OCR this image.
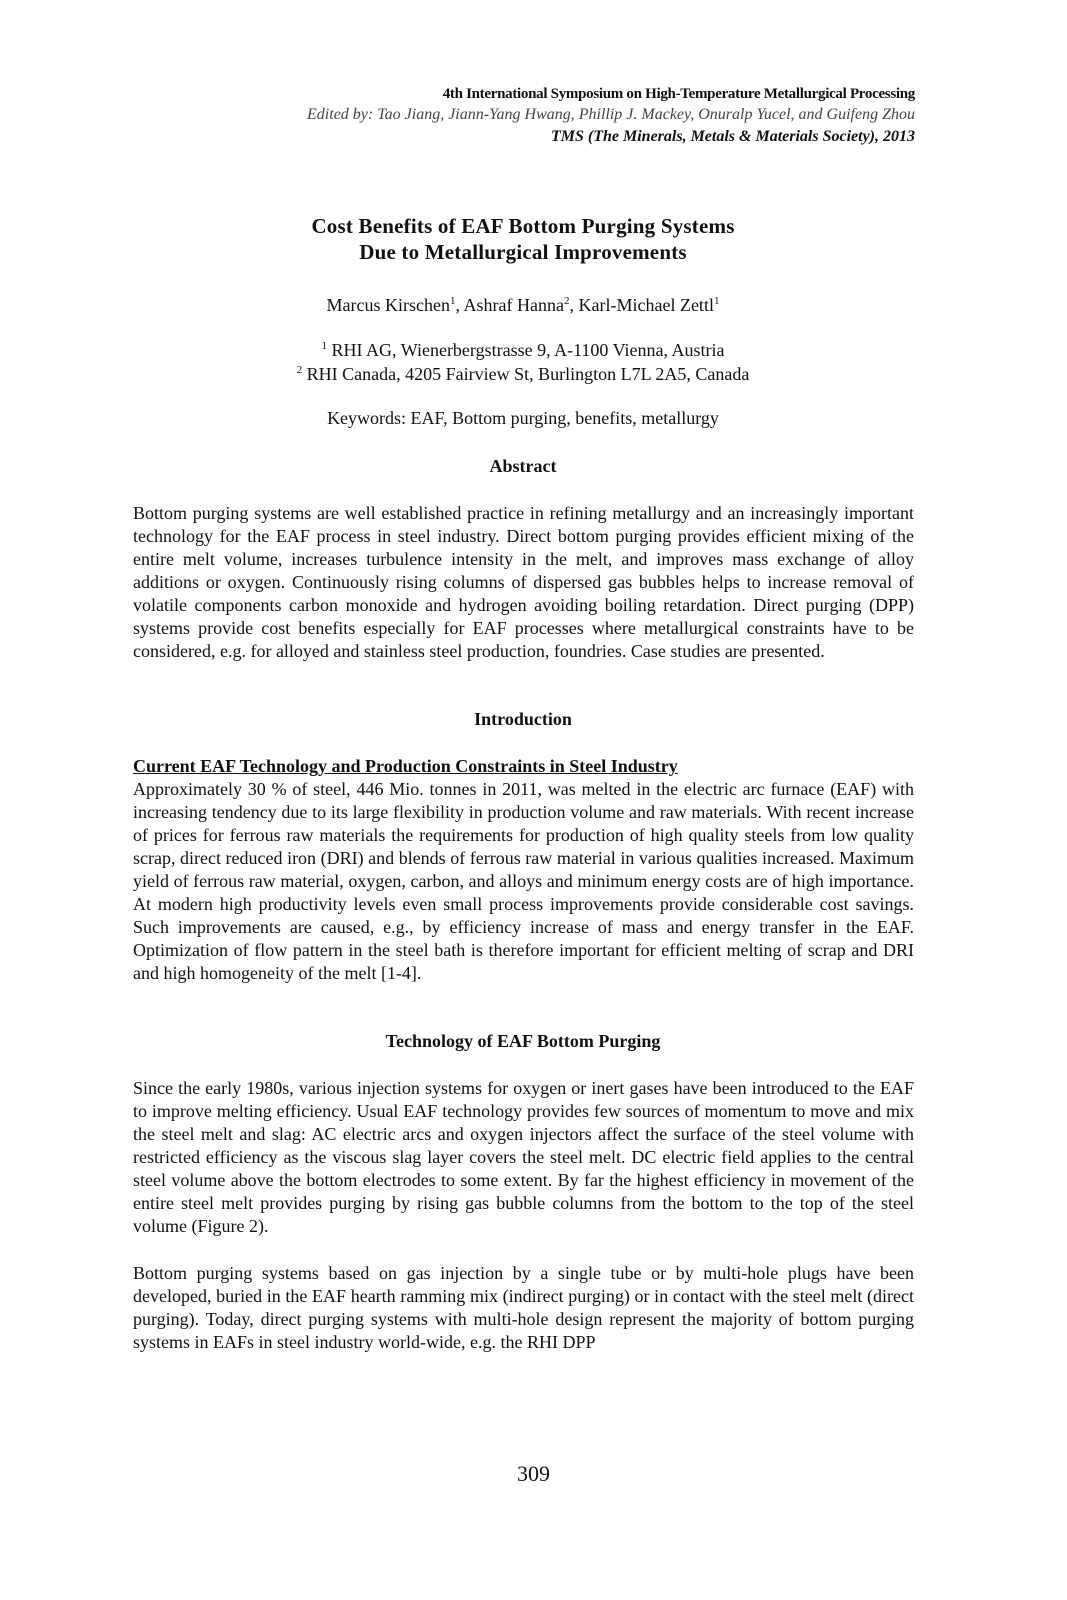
4th International Symposium on High-Temperature Metallurgical Processing
Edited by: Tao Jiang, Jiann-Yang Hwang, Phillip J. Mackey, Onuralp Yucel, and Guifeng Zhou
TMS (The Minerals, Metals & Materials Society), 2013
Cost Benefits of EAF Bottom Purging Systems
Due to Metallurgical Improvements
Marcus Kirschen$^1$, Ashraf Hanna$^2$, Karl-Michael Zettl$^1$
$^1$ RHI AG, Wienerbergstrasse 9, A-1100 Vienna, Austria
$^2$ RHI Canada, 4205 Fairview St, Burlington L7L 2A5, Canada
Keywords: EAF, Bottom purging, benefits, metallurgy
Abstract

Bottom purging systems are well established practice in refining metallurgy and an increasingly important technology for the EAF process in steel industry. Direct bottom purging provides efficient mixing of the entire melt volume, increases turbulence intensity in the melt, and improves mass exchange of alloy additions or oxygen. Continuously rising columns of dispersed gas bubbles helps to increase removal of volatile components carbon monoxide and hydrogen avoiding boiling retardation. Direct purging (DPP) systems provide cost benefits especially for EAF processes where metallurgical constraints have to be considered, e.g. for alloyed and stainless steel production, foundries. Case studies are presented.

Introduction
Current EAF Technology and Production Constraints in Steel Industry

Approximately 30 % of steel, 446 Mio. tonnes in 2011, was melted in the electric arc furnace (EAF) with increasing tendency due to its large flexibility in production volume and raw materials. With recent increase of prices for ferrous raw materials the requirements for production of high quality steels from low quality scrap, direct reduced iron (DRI) and blends of ferrous raw material in various qualities increased. Maximum yield of ferrous raw material, oxygen, carbon, and alloys and minimum energy costs are of high importance. At modern high productivity levels even small process improvements provide considerable cost savings. Such improvements are caused, e.g., by efficiency increase of mass and energy transfer in the EAF. Optimization of flow pattern in the steel bath is therefore important for efficient melting of scrap and DRI and high homogeneity of the melt [1-4].

Technology of EAF Bottom Purging

Since the early 1980s, various injection systems for oxygen or inert gases have been introduced to the EAF to improve melting efficiency. Usual EAF technology provides few sources of momentum to move and mix the steel melt and slag: AC electric arcs and oxygen injectors affect the surface of the steel volume with restricted efficiency as the viscous slag layer covers the steel melt. DC electric field applies to the central steel volume above the bottom electrodes to some extent. By far the highest efficiency in movement of the entire steel melt provides purging by rising gas bubble columns from the bottom to the top of the steel volume (Figure 2).

Bottom purging systems based on gas injection by a single tube or by multi-hole plugs have been developed, buried in the EAF hearth ramming mix (indirect purging) or in contact with the steel melt (direct purging). Today, direct purging systems with multi-hole design represent the majority of bottom purging systems in EAFs in steel industry world-wide, e.g. the RHI DPP

309
